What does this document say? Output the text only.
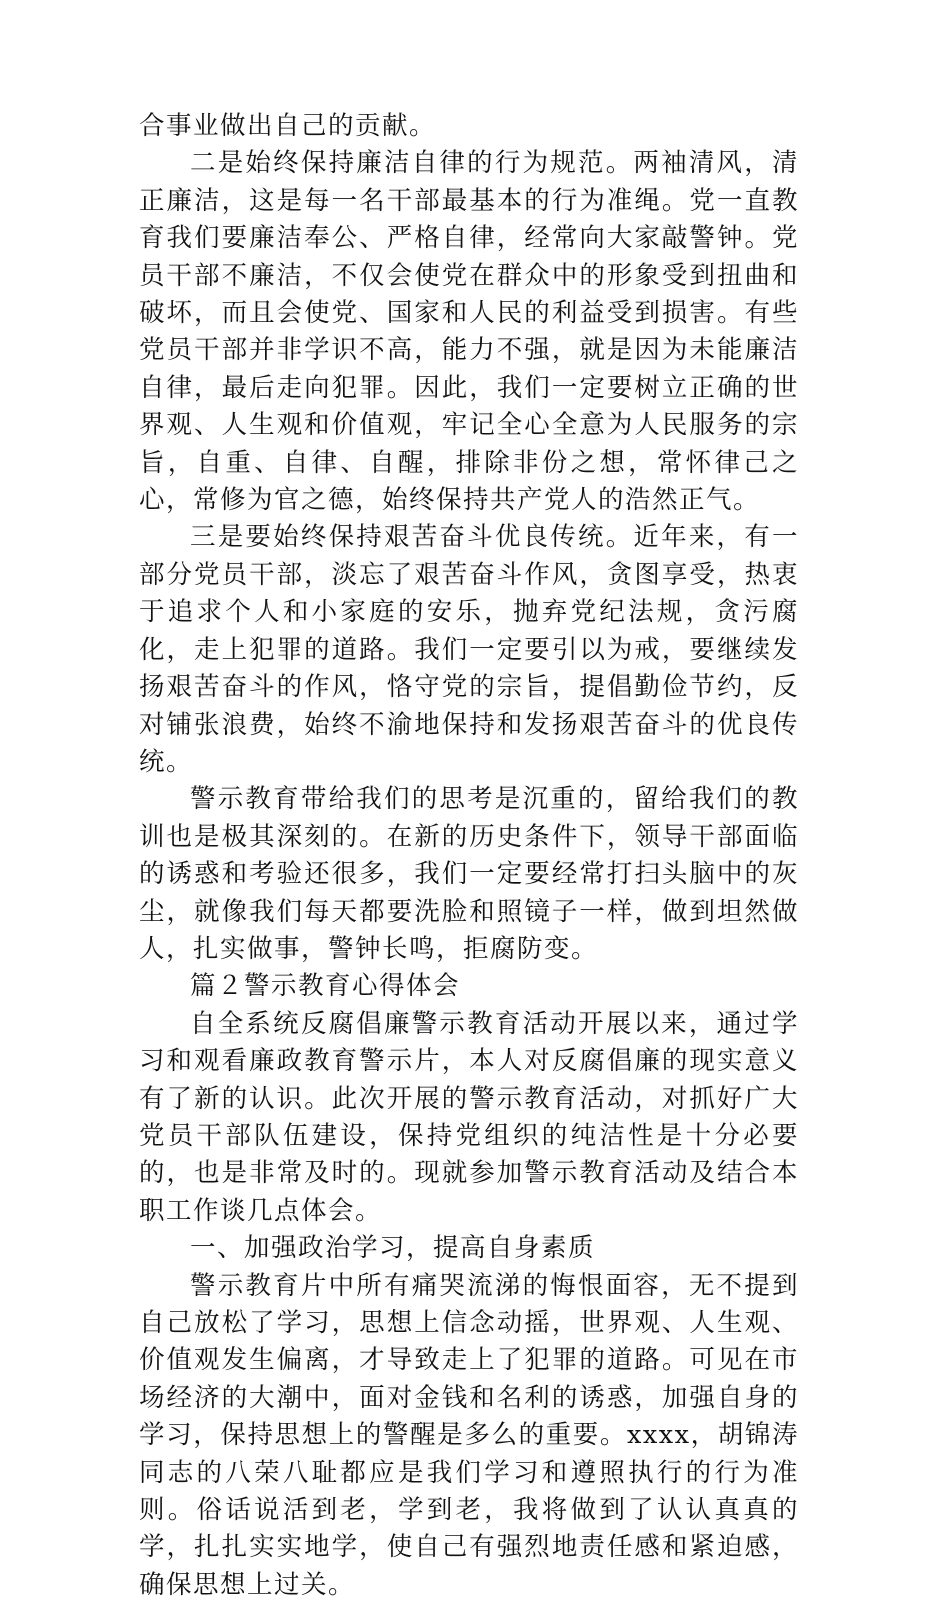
合事业做出自己的贡献。

二是始终保持廉洁自律的行为规范。两袖清风，清正廉洁，这是每一名干部最基本的行为准绳。党一直教育我们要廉洁奉公、严格自律，经常向大家敲警钟。党员干部不廉洁，不仅会使党在群众中的形象受到扭曲和破坏，而且会使党、国家和人民的利益受到损害。有些党员干部并非学识不高，能力不强，就是因为未能廉洁自律，最后走向犯罪。因此，我们一定要树立正确的世界观、人生观和价值观，牢记全心全意为人民服务的宗旨，自重、自律、自醒，排除非份之想，常怀律己之心，常修为官之德，始终保持共产党人的浩然正气。

三是要始终保持艰苦奋斗优良传统。近年来，有一部分党员干部，淡忘了艰苦奋斗作风，贪图享受，热衷于追求个人和小家庭的安乐，抛弃党纪法规，贪污腐化，走上犯罪的道路。我们一定要引以为戒，要继续发扬艰苦奋斗的作风，恪守党的宗旨，提倡勤俭节约，反对铺张浪费，始终不渝地保持和发扬艰苦奋斗的优良传统。

警示教育带给我们的思考是沉重的，留给我们的教训也是极其深刻的。在新的历史条件下，领导干部面临的诱惑和考验还很多，我们一定要经常打扫头脑中的灰尘，就像我们每天都要洗脸和照镜子一样，做到坦然做人，扎实做事，警钟长鸣，拒腐防变。

篇２警示教育心得体会

自全系统反腐倡廉警示教育活动开展以来，通过学习和观看廉政教育警示片，本人对反腐倡廉的现实意义有了新的认识。此次开展的警示教育活动，对抓好广大党员干部队伍建设，保持党组织的纯洁性是十分必要的，也是非常及时的。现就参加警示教育活动及结合本职工作谈几点体会。

一、加强政治学习，提高自身素质

警示教育片中所有痛哭流涕的悔恨面容，无不提到自己放松了学习，思想上信念动摇，世界观、人生观、价值观发生偏离，才导致走上了犯罪的道路。可见在市场经济的大潮中，面对金钱和名利的诱惑，加强自身的学习，保持思想上的警醒是多么的重要。xxxx，胡锦涛同志的八荣八耻都应是我们学习和遵照执行的行为准则。俗话说活到老，学到老，我将做到了认认真真的学，扎扎实实地学，使自己有强烈地责任感和紧迫感，确保思想上过关。
